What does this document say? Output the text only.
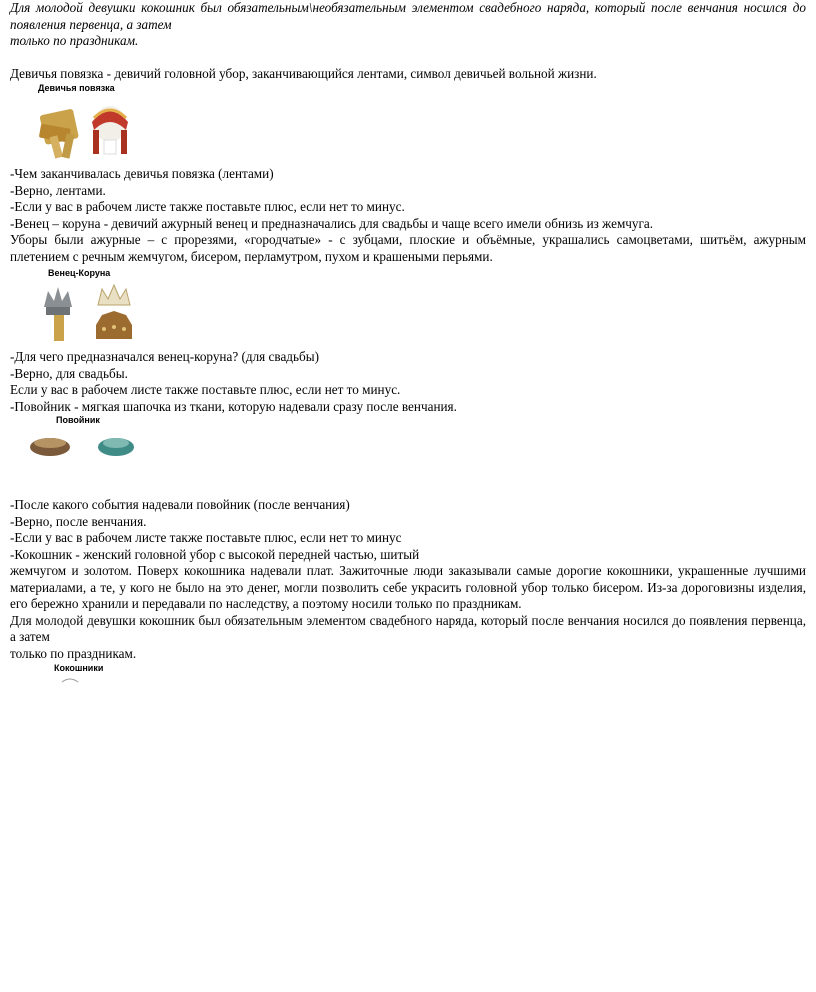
Для молодой девушки кокошник был обязательным\необязательным элементом свадебного наряда, который после венчания носился до появления первенца, а затем

только по праздникам.

Девичья повязка - девичий головной убор, заканчивающийся лентами, символ девичьей вольной жизни.

Девичья повязка

-Чем заканчивалась девичья повязка (лентами)

-Верно, лентами.

-Если у вас в рабочем листе также поставьте плюс, если нет то минус.

-Венец – коруна - девичий ажурный венец и предназначались для свадьбы и чаще всего имели обнизь из жемчуга.

Уборы были ажурные – с прорезями, «городчатые» - с зубцами, плоские и объёмные, украшались самоцветами, шитьём, ажурным плетением с речным жемчугом, бисером, перламутром, пухом и крашеными перьями.

Венец-Коруна

-Для чего предназначался венец-коруна? (для свадьбы)

-Верно, для свадьбы.

Если у вас в рабочем листе также поставьте плюс, если нет то минус.

-Повойник - мягкая шапочка из ткани, которую надевали сразу после венчания.

Повойник

-После какого события надевали повойник (после венчания)

-Верно, после венчания.

-Если у вас в рабочем листе также поставьте плюс, если нет то минус

-Кокошник - женский головной убор с высокой передней частью, шитый

жемчугом и золотом. Поверх кокошника надевали плат. Зажиточные люди заказывали самые дорогие кокошники, украшенные лучшими материалами, а те, у кого не было на это денег, могли позволить себе украсить головной убор только бисером. Из-за дороговизны изделия, его бережно хранили и передавали по наследству, а поэтому носили только по праздникам.

Для молодой девушки кокошник был обязательным элементом свадебного наряда, который после венчания носился до появления первенца, а затем

только по праздникам.

Кокошники
